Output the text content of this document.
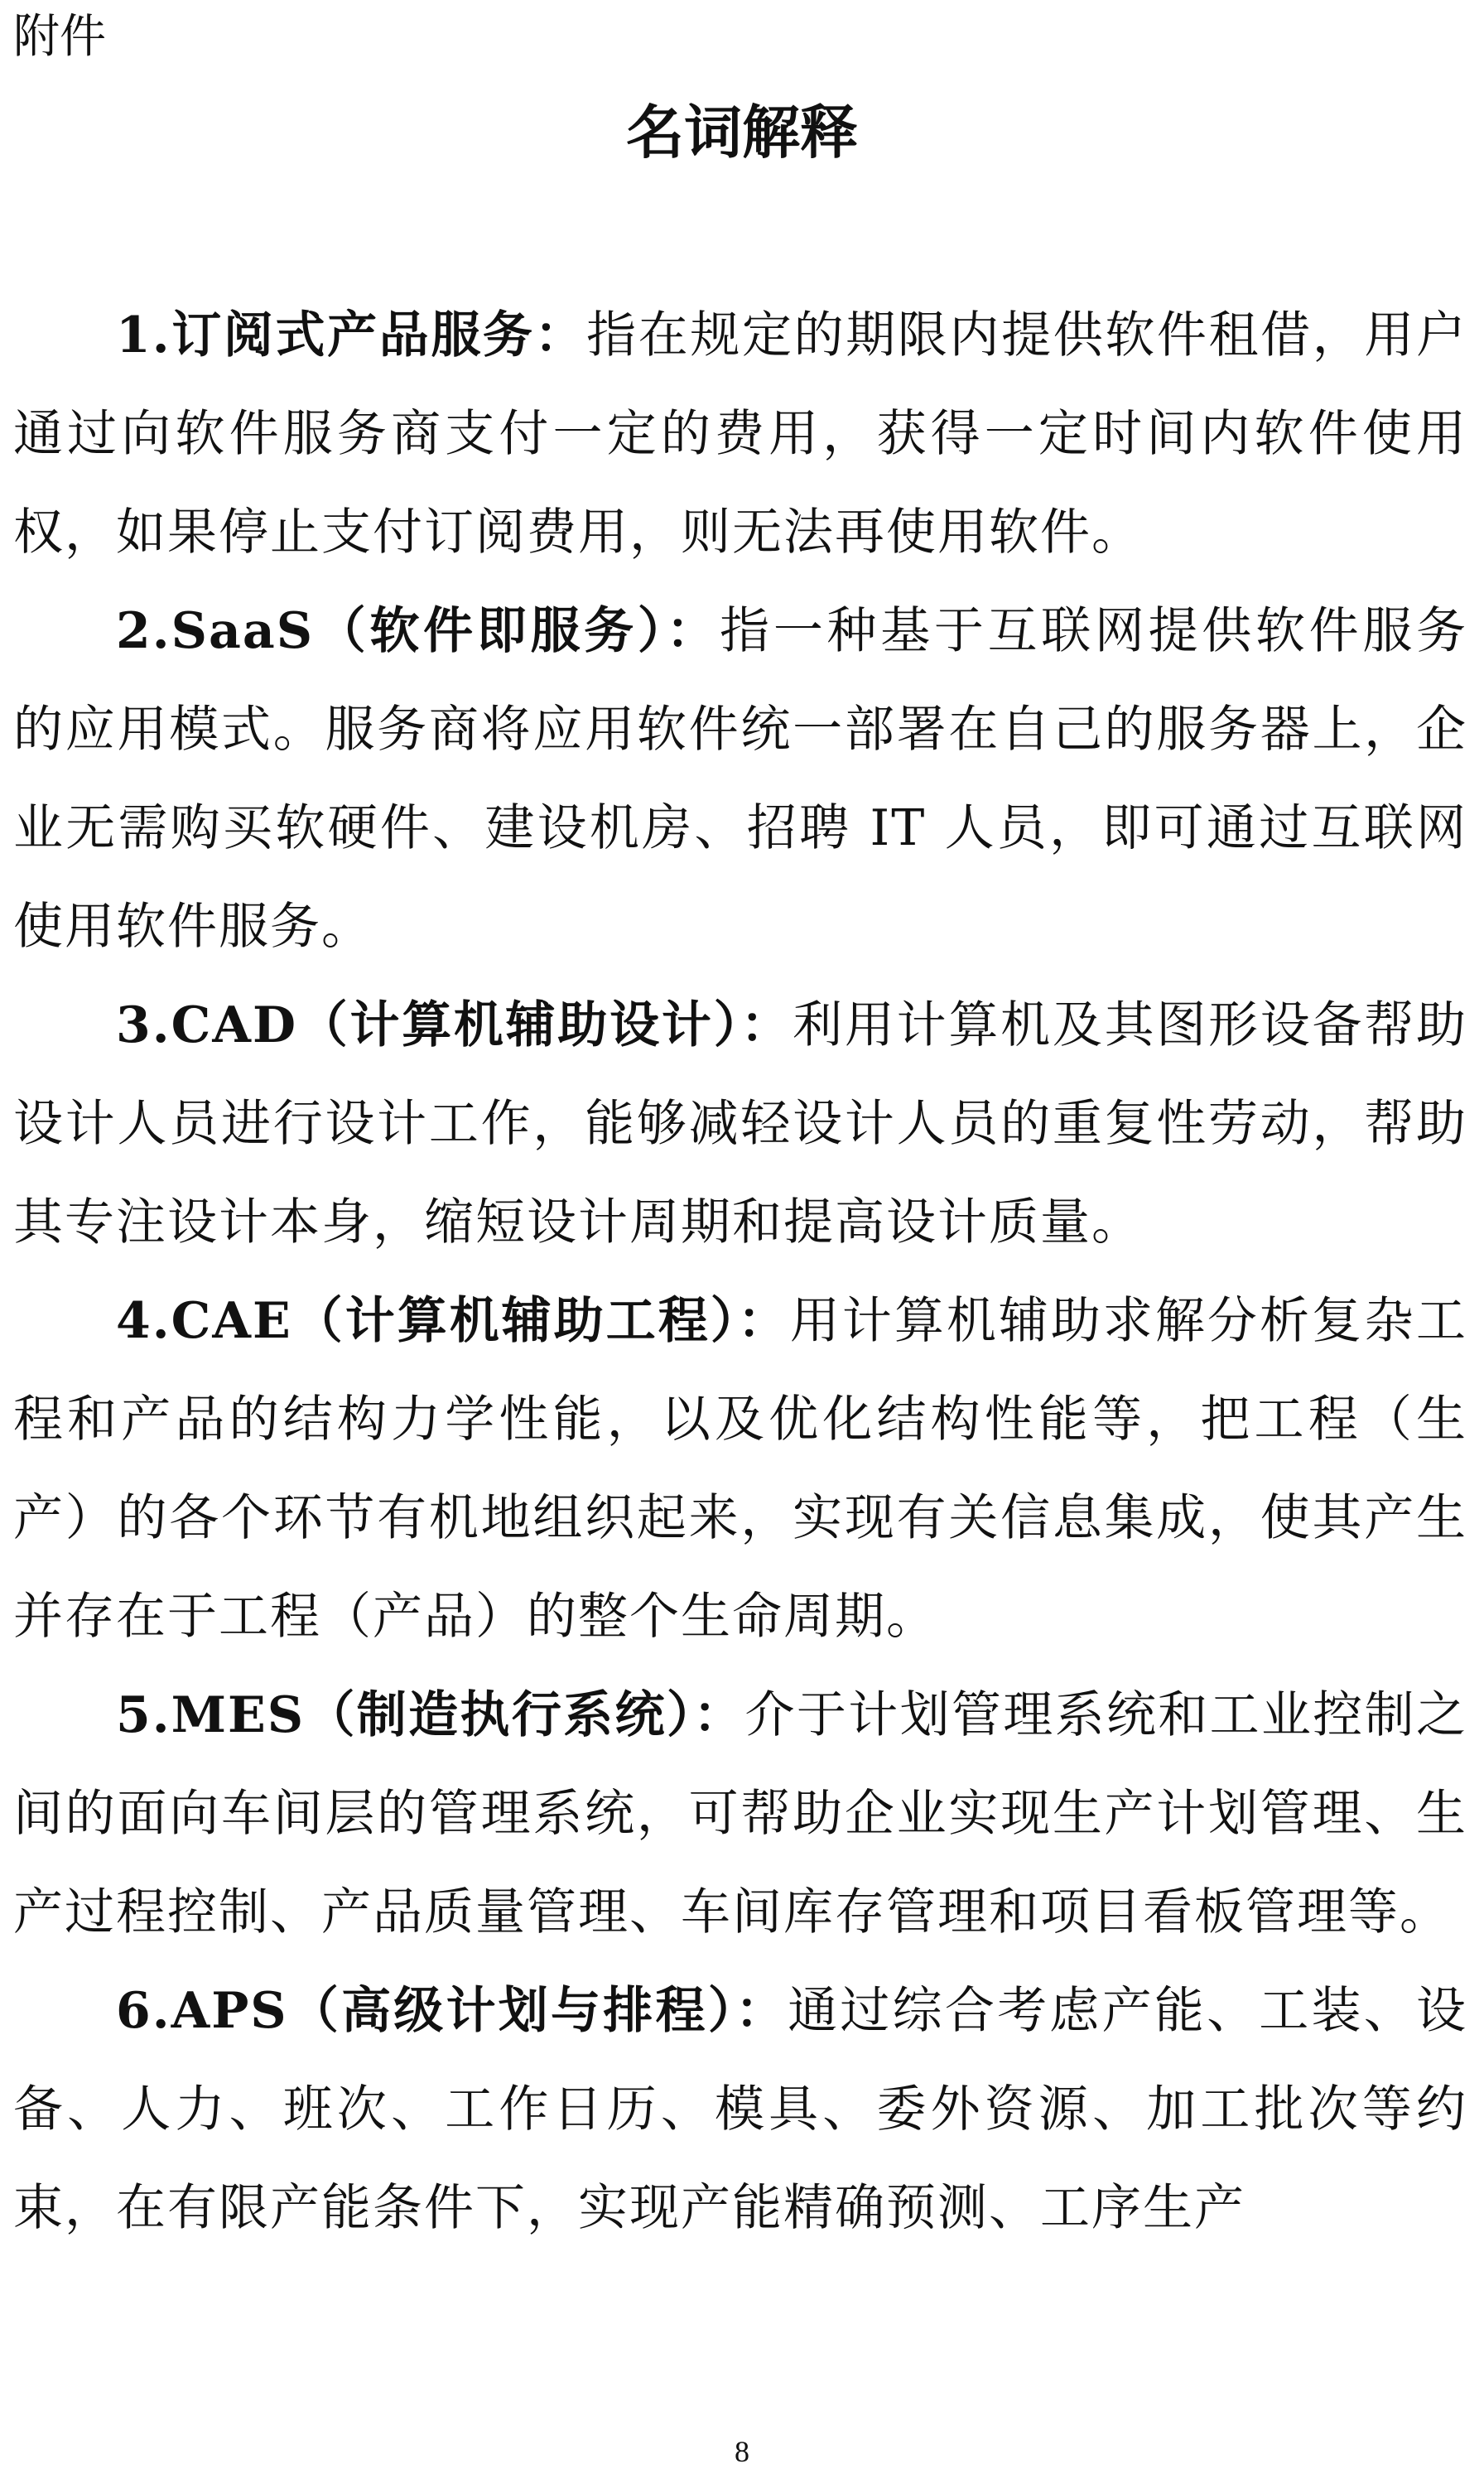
附件
名词解释

1.订阅式产品服务：指在规定的期限内提供软件租借，用户通过向软件服务商支付一定的费用，获得一定时间内软件使用权，如果停止支付订阅费用，则无法再使用软件。

2.SaaS（软件即服务）：指一种基于互联网提供软件服务的应用模式。服务商将应用软件统一部署在自己的服务器上，企业无需购买软硬件、建设机房、招聘 IT 人员，即可通过互联网使用软件服务。

3.CAD（计算机辅助设计）：利用计算机及其图形设备帮助设计人员进行设计工作，能够减轻设计人员的重复性劳动，帮助其专注设计本身，缩短设计周期和提高设计质量。

4.CAE（计算机辅助工程）：用计算机辅助求解分析复杂工程和产品的结构力学性能，以及优化结构性能等，把工程（生产）的各个环节有机地组织起来，实现有关信息集成，使其产生并存在于工程（产品）的整个生命周期。

5.MES（制造执行系统）：介于计划管理系统和工业控制之间的面向车间层的管理系统，可帮助企业实现生产计划管理、生产过程控制、产品质量管理、车间库存管理和项目看板管理等。

6.APS（高级计划与排程）：通过综合考虑产能、工装、设备、人力、班次、工作日历、模具、委外资源、加工批次等约束，在有限产能条件下，实现产能精确预测、工序生产

8
